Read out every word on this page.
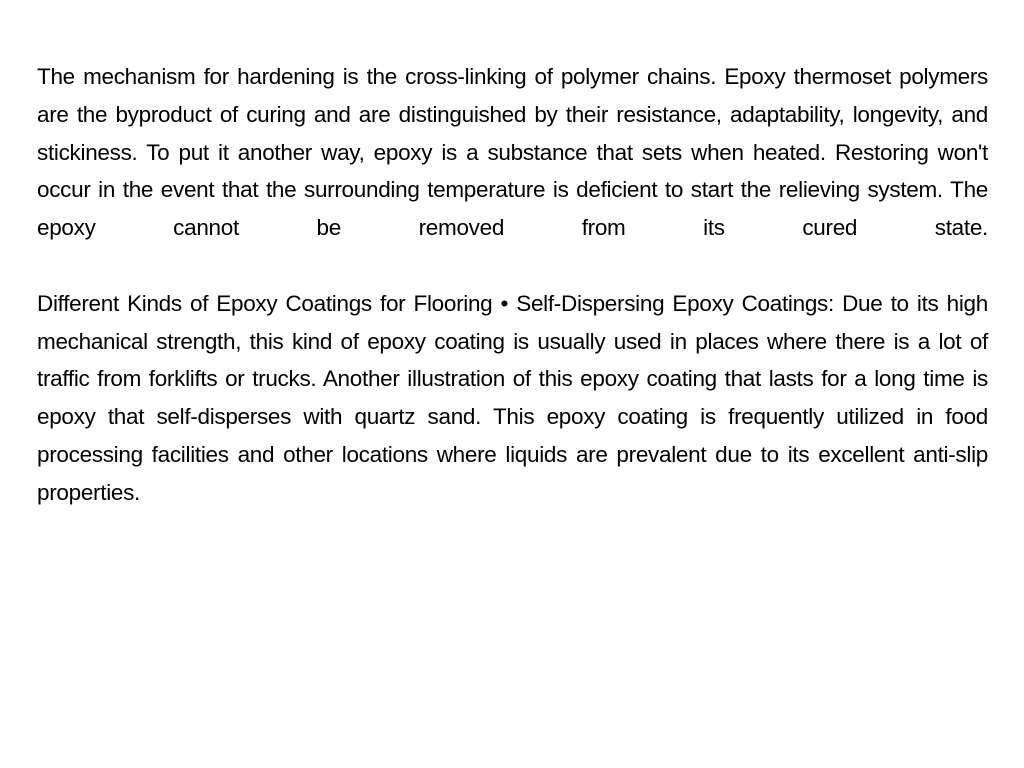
The mechanism for hardening is the cross-linking of polymer chains. Epoxy thermoset polymers are the byproduct of curing and are distinguished by their resistance, adaptability, longevity, and stickiness. To put it another way, epoxy is a substance that sets when heated. Restoring won't occur in the event that the surrounding temperature is deficient to start the relieving system. The epoxy cannot be removed from its cured state.

Different Kinds of Epoxy Coatings for Flooring • Self-Dispersing Epoxy Coatings: Due to its high mechanical strength, this kind of epoxy coating is usually used in places where there is a lot of traffic from forklifts or trucks. Another illustration of this epoxy coating that lasts for a long time is epoxy that self-disperses with quartz sand. This epoxy coating is frequently utilized in food processing facilities and other locations where liquids are prevalent due to its excellent anti-slip properties.
